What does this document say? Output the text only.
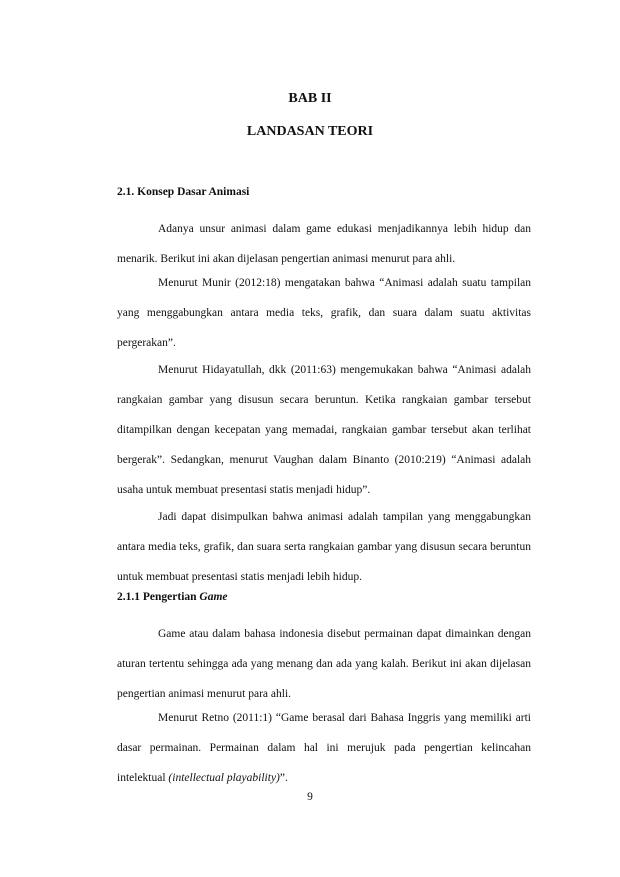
BAB II
LANDASAN TEORI
2.1. Konsep Dasar Animasi

Adanya unsur animasi dalam game edukasi menjadikannya lebih hidup dan menarik. Berikut ini akan dijelasan pengertian animasi menurut para ahli.

Menurut Munir (2012:18) mengatakan bahwa “Animasi adalah suatu tampilan yang menggabungkan antara media teks, grafik, dan suara dalam suatu aktivitas pergerakan”.

Menurut Hidayatullah, dkk (2011:63) mengemukakan bahwa “Animasi adalah rangkaian gambar yang disusun secara beruntun. Ketika rangkaian gambar tersebut ditampilkan dengan kecepatan yang memadai, rangkaian gambar tersebut akan terlihat bergerak”. Sedangkan, menurut Vaughan dalam Binanto (2010:219) “Animasi adalah usaha untuk membuat presentasi statis menjadi hidup”.

Jadi dapat disimpulkan bahwa animasi adalah tampilan yang menggabungkan antara media teks, grafik, dan suara serta rangkaian gambar yang disusun secara beruntun untuk membuat presentasi statis menjadi lebih hidup.

2.1.1 Pengertian Game

Game atau dalam bahasa indonesia disebut permainan dapat dimainkan dengan aturan tertentu sehingga ada yang menang dan ada yang kalah. Berikut ini akan dijelasan pengertian animasi menurut para ahli.

Menurut Retno (2011:1) “Game berasal dari Bahasa Inggris yang memiliki arti dasar permainan. Permainan dalam hal ini merujuk pada pengertian kelincahan intelektual (intellectual playability)”.

9
